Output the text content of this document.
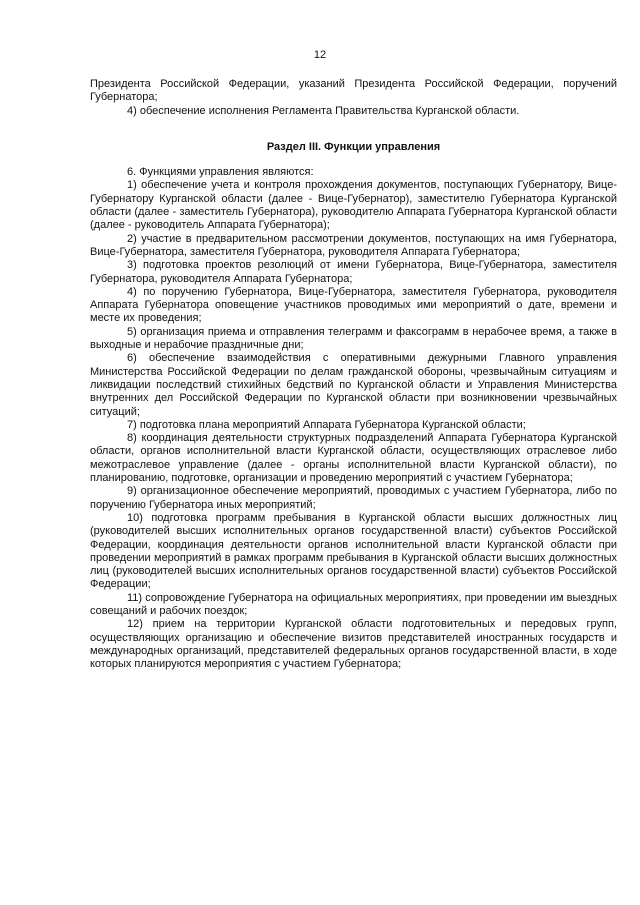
12

Президента Российской Федерации, указаний Президента Российской Федерации, поручений Губернатора;

4) обеспечение исполнения Регламента Правительства Курганской области.

Раздел III. Функции управления

6. Функциями управления являются:

1) обеспечение учета и контроля прохождения документов, поступающих Губернатору, Вице-Губернатору Курганской области (далее - Вице-Губернатор), заместителю Губернатора Курганской области (далее - заместитель Губернатора), руководителю Аппарата Губернатора Курганской области (далее - руководитель Аппарата Губернатора);

2) участие в предварительном рассмотрении документов, поступающих на имя Губернатора, Вице-Губернатора, заместителя Губернатора, руководителя Аппарата Губернатора;

3) подготовка проектов резолюций от имени Губернатора, Вице-Губернатора, заместителя Губернатора, руководителя Аппарата Губернатора;

4) по поручению Губернатора, Вице-Губернатора, заместителя Губернатора, руководителя Аппарата Губернатора оповещение участников проводимых ими мероприятий о дате, времени и месте их проведения;

5) организация приема и отправления телеграмм и факсограмм в нерабочее время, а также в выходные и нерабочие праздничные дни;

6) обеспечение взаимодействия с оперативными дежурными Главного управления Министерства Российской Федерации по делам гражданской обороны, чрезвычайным ситуациям и ликвидации последствий стихийных бедствий по Курганской области и Управления Министерства внутренних дел Российской Федерации по Курганской области при возникновении чрезвычайных ситуаций;

7) подготовка плана мероприятий Аппарата Губернатора Курганской области;

8) координация деятельности структурных подразделений Аппарата Губернатора Курганской области, органов исполнительной власти Курганской области, осуществляющих отраслевое либо межотраслевое управление (далее - органы исполнительной власти Курганской области), по планированию, подготовке, организации и проведению мероприятий с участием Губернатора;

9) организационное обеспечение мероприятий, проводимых с участием Губернатора, либо по поручению Губернатора иных мероприятий;

10) подготовка программ пребывания в Курганской области высших должностных лиц (руководителей высших исполнительных органов государственной власти) субъектов Российской Федерации, координация деятельности органов исполнительной власти Курганской области при проведении мероприятий в рамках программ пребывания в Курганской области высших должностных лиц (руководителей высших исполнительных органов государственной власти) субъектов Российской Федерации;

11) сопровождение Губернатора на официальных мероприятиях, при проведении им выездных совещаний и рабочих поездок;

12) прием на территории Курганской области подготовительных и передовых групп, осуществляющих организацию и обеспечение визитов представителей иностранных государств и международных организаций, представителей федеральных органов государственной власти, в ходе которых планируются мероприятия с участием Губернатора;
